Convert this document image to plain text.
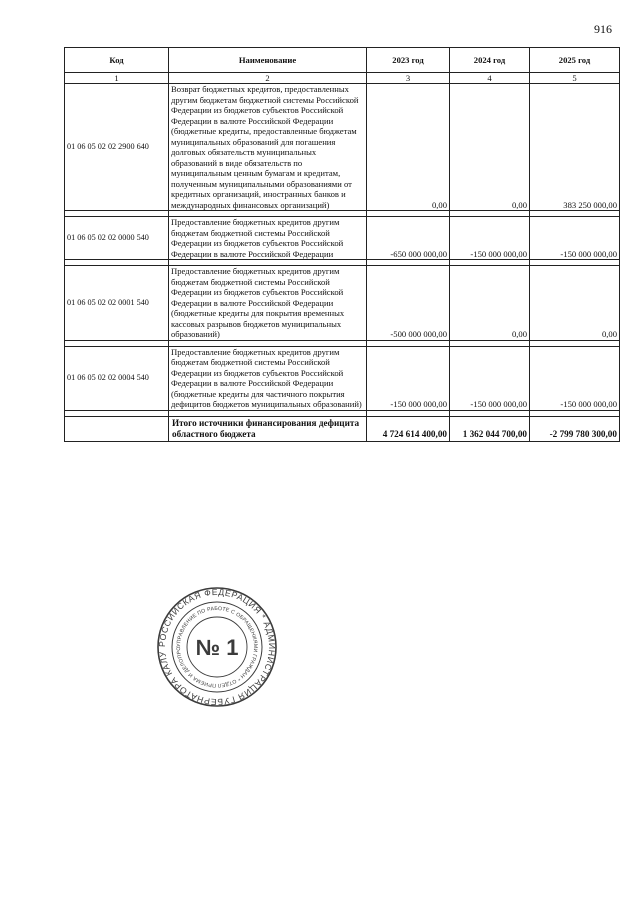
916
Код	Наименование	2023 год	2024 год	2025 год
1	2	3	4	5
01 06 05 02 02 2900 640	Возврат бюджетных кредитов, предоставленных другим бюджетам бюджетной системы Российской Федерации из бюджетов субъектов Российской Федерации в валюте Российской Федерации (бюджетные кредиты, предоставленные бюджетам муниципальных образований для погашения долговых обязательств муниципальных образований в виде обязательств по муниципальным ценным бумагам и кредитам, полученным муниципальными образованиями от кредитных организаций, иностранных банков и международных финансовых организаций)	0,00	0,00	383 250 000,00

01 06 05 02 02 0000 540	Предоставление бюджетных кредитов другим бюджетам бюджетной системы Российской Федерации из бюджетов субъектов Российской Федерации в валюте Российской Федерации	-650 000 000,00	-150 000 000,00	-150 000 000,00

01 06 05 02 02 0001 540	Предоставление бюджетных кредитов другим бюджетам бюджетной системы Российской Федерации из бюджетов субъектов Российской Федерации в валюте Российской Федерации (бюджетные кредиты для покрытия временных кассовых разрывов бюджетов муниципальных образований)	-500 000 000,00	0,00	0,00

01 06 05 02 02 0004 540	Предоставление бюджетных кредитов другим бюджетам бюджетной системы Российской Федерации из бюджетов субъектов Российской Федерации в валюте Российской Федерации (бюджетные кредиты для частичного покрытия дефицитов бюджетов муниципальных образований)	-150 000 000,00	-150 000 000,00	-150 000 000,00

	Итого источники финансирования дефицита областного бюджета	4 724 614 400,00	1 362 044 700,00	-2 799 780 300,00
РОССИЙСКАЯ ФЕДЕРАЦИЯ * АДМИНИСТРАЦИЯ ГУБЕРНАТОРА КАЛУ
УПРАВЛЕНИЕ ПО РАБОТЕ С ОБРАЩЕНИЯМИ ГРАЖДАН * ОТДЕЛ ПРИЕМА И ДЕЛОПРО № 1
